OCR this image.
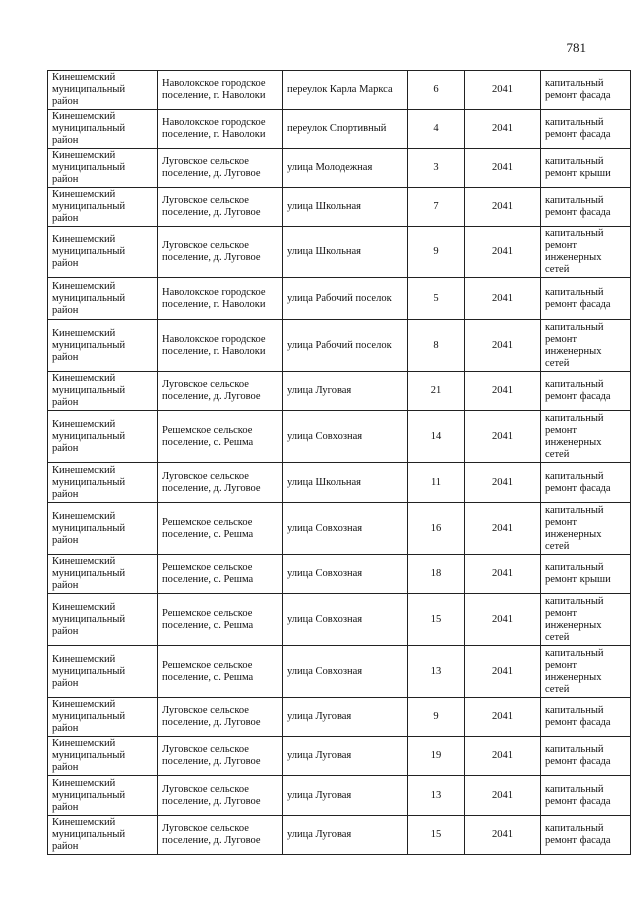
781
Кинешемский муниципальный район	Наволокское городское поселение, г. Наволоки	переулок Карла Маркса	6	2041	капитальный ремонт фасада
Кинешемский муниципальный район	Наволокское городское поселение, г. Наволоки	переулок Спортивный	4	2041	капитальный ремонт фасада
Кинешемский муниципальный район	Луговское сельское поселение, д. Луговое	улица Молодежная	3	2041	капитальный ремонт крыши
Кинешемский муниципальный район	Луговское сельское поселение, д. Луговое	улица Школьная	7	2041	капитальный ремонт фасада
Кинешемский муниципальный район	Луговское сельское поселение, д. Луговое	улица Школьная	9	2041	капитальный ремонт инженерных сетей
Кинешемский муниципальный район	Наволокское городское поселение, г. Наволоки	улица Рабочий поселок	5	2041	капитальный ремонт фасада
Кинешемский муниципальный район	Наволокское городское поселение, г. Наволоки	улица Рабочий поселок	8	2041	капитальный ремонт инженерных сетей
Кинешемский муниципальный район	Луговское сельское поселение, д. Луговое	улица Луговая	21	2041	капитальный ремонт фасада
Кинешемский муниципальный район	Решемское сельское поселение, с. Решма	улица Совхозная	14	2041	капитальный ремонт инженерных сетей
Кинешемский муниципальный район	Луговское сельское поселение, д. Луговое	улица Школьная	11	2041	капитальный ремонт фасада
Кинешемский муниципальный район	Решемское сельское поселение, с. Решма	улица Совхозная	16	2041	капитальный ремонт инженерных сетей
Кинешемский муниципальный район	Решемское сельское поселение, с. Решма	улица Совхозная	18	2041	капитальный ремонт крыши
Кинешемский муниципальный район	Решемское сельское поселение, с. Решма	улица Совхозная	15	2041	капитальный ремонт инженерных сетей
Кинешемский муниципальный район	Решемское сельское поселение, с. Решма	улица Совхозная	13	2041	капитальный ремонт инженерных сетей
Кинешемский муниципальный район	Луговское сельское поселение, д. Луговое	улица Луговая	9	2041	капитальный ремонт фасада
Кинешемский муниципальный район	Луговское сельское поселение, д. Луговое	улица Луговая	19	2041	капитальный ремонт фасада
Кинешемский муниципальный район	Луговское сельское поселение, д. Луговое	улица Луговая	13	2041	капитальный ремонт фасада
Кинешемский муниципальный район	Луговское сельское поселение, д. Луговое	улица Луговая	15	2041	капитальный ремонт фасада
